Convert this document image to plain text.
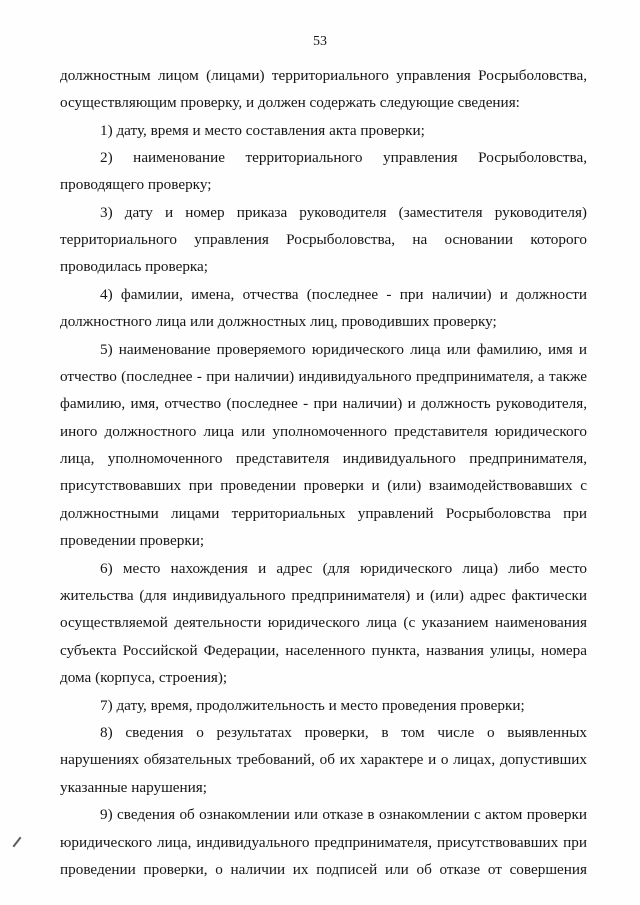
53
должностным лицом (лицами) территориального управления Росрыболовства,
осуществляющим проверку, и должен содержать следующие сведения:
1) дату, время и место составления акта проверки;
2) наименование территориального управления Росрыболовства,
проводящего проверку;
3) дату и номер приказа руководителя (заместителя руководителя)
территориального управления Росрыболовства, на основании которого
проводилась проверка;
4) фамилии, имена, отчества (последнее - при наличии) и должности
должностного лица или должностных лиц, проводивших проверку;
5) наименование проверяемого юридического лица или фамилию, имя и
отчество (последнее - при наличии) индивидуального предпринимателя, а также
фамилию, имя, отчество (последнее - при наличии) и должность руководителя,
иного должностного лица или уполномоченного представителя юридического
лица, уполномоченного представителя индивидуального предпринимателя,
присутствовавших при проведении проверки и (или) взаимодействовавших с
должностными лицами территориальных управлений Росрыболовства при
проведении проверки;
6) место нахождения и адрес (для юридического лица) либо место
жительства (для индивидуального предпринимателя) и (или) адрес фактически
осуществляемой деятельности юридического лица (с указанием наименования
субъекта Российской Федерации, населенного пункта, названия улицы, номера
дома (корпуса, строения);
7) дату, время, продолжительность и место проведения проверки;
8) сведения о результатах проверки, в том числе о выявленных
нарушениях обязательных требований, об их характере и о лицах, допустивших
указанные нарушения;
9) сведения об ознакомлении или отказе в ознакомлении с актом проверки
юридического лица, индивидуального предпринимателя, присутствовавших при
проведении проверки, о наличии их подписей или об отказе от совершения
